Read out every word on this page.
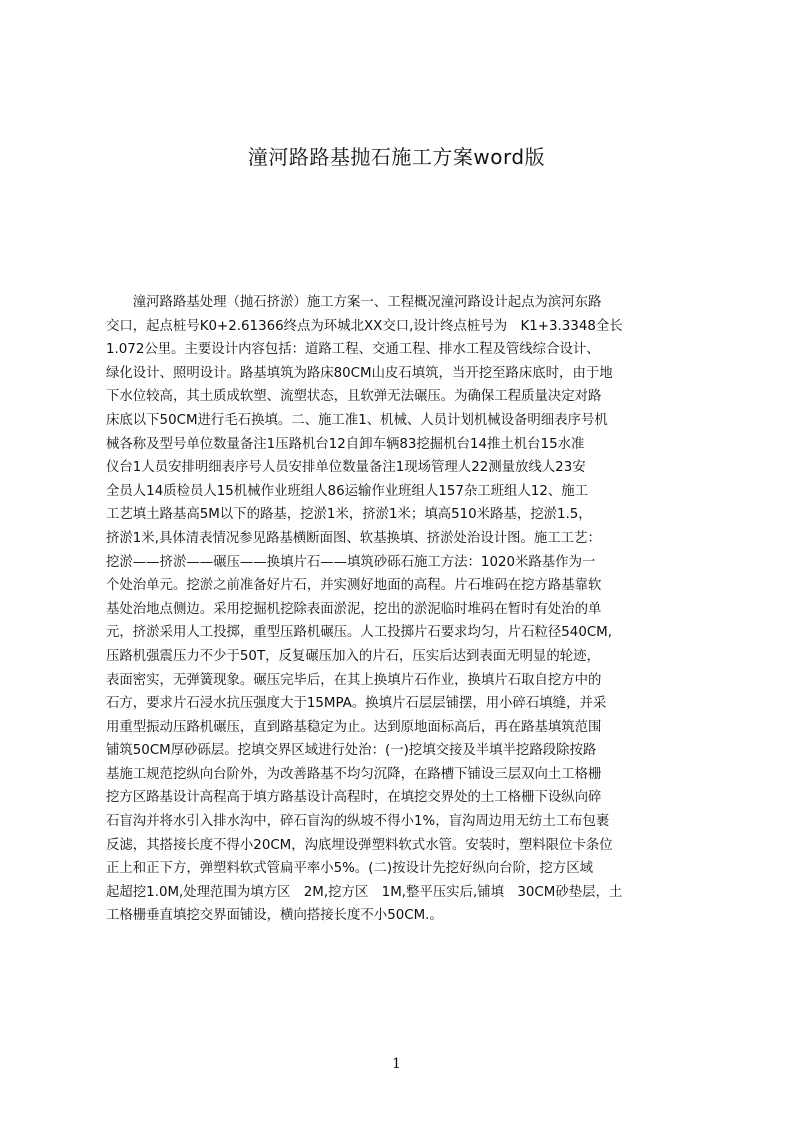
潼河路路基抛石施工方案word版
　　潼河路路基处理（抛石挤淤）施工方案一、工程概况潼河路设计起点为滨河东路
交口，起点桩号K0+2.61366终点为环城北XX交口,设计终点桩号为　K1+3.3348全长
1.072公里。主要设计内容包括：道路工程、交通工程、排水工程及管线综合设计、
绿化设计、照明设计。路基填筑为路床80CM山皮石填筑，当开挖至路床底时，由于地
下水位较高，其土质成软塑、流塑状态，且软弹无法碾压。为确保工程质量决定对路
床底以下50CM进行毛石换填。二、施工准1、机械、人员计划机械设备明细表序号机
械各称及型号单位数量备注1压路机台12自卸车辆83挖掘机台14推土机台15水准
仪台1人员安排明细表序号人员安排单位数量备注1现场管理人22测量放线人23安
全员人14质检员人15机械作业班组人86运输作业班组人157杂工班组人12、施工
工艺填土路基高5M以下的路基，挖淤1米，挤淤1米；填高510米路基，挖淤1.5，
挤淤1米,具体清表情况参见路基横断面图、软基换填、挤淤处治设计图。施工工艺：
挖淤——挤淤——碾压——换填片石——填筑砂砾石施工方法：1020米路基作为一
个处治单元。挖淤之前准备好片石，并实测好地面的高程。片石堆码在挖方路基靠软
基处治地点侧边。采用挖掘机挖除表面淤泥，挖出的淤泥临时堆码在暂时有处治的单
元，挤淤采用人工投掷，重型压路机碾压。人工投掷片石要求均匀，片石粒径540CM,
压路机强震压力不少于50T，反复碾压加入的片石，压实后达到表面无明显的轮迹，
表面密实，无弹簧现象。碾压完毕后，在其上换填片石作业，换填片石取自挖方中的
石方，要求片石浸水抗压强度大于15MPA。换填片石层层铺摆，用小碎石填缝，并采
用重型振动压路机碾压，直到路基稳定为止。达到原地面标高后，再在路基填筑范围
铺筑50CM厚砂砾层。挖填交界区域进行处治：(一)挖填交接及半填半挖路段除按路
基施工规范挖纵向台阶外，为改善路基不均匀沉降，在路槽下铺设三层双向土工格栅
挖方区路基设计高程高于填方路基设计高程时，在填挖交界处的土工格栅下设纵向碎
石盲沟并将水引入排水沟中，碎石盲沟的纵坡不得小1%，盲沟周边用无纺土工布包裹
反滤，其搭接长度不得小20CM，沟底埋设弹塑料软式水管。安装时，塑料限位卡条位
正上和正下方，弹塑料软式管扁平率小5%。(二)按设计先挖好纵向台阶，挖方区域
起超挖1.0M,处理范围为填方区　2M,挖方区　1M,整平压实后,铺填　30CM砂垫层，土
工格栅垂直填挖交界面铺设，横向搭接长度不小50CM.。
1
